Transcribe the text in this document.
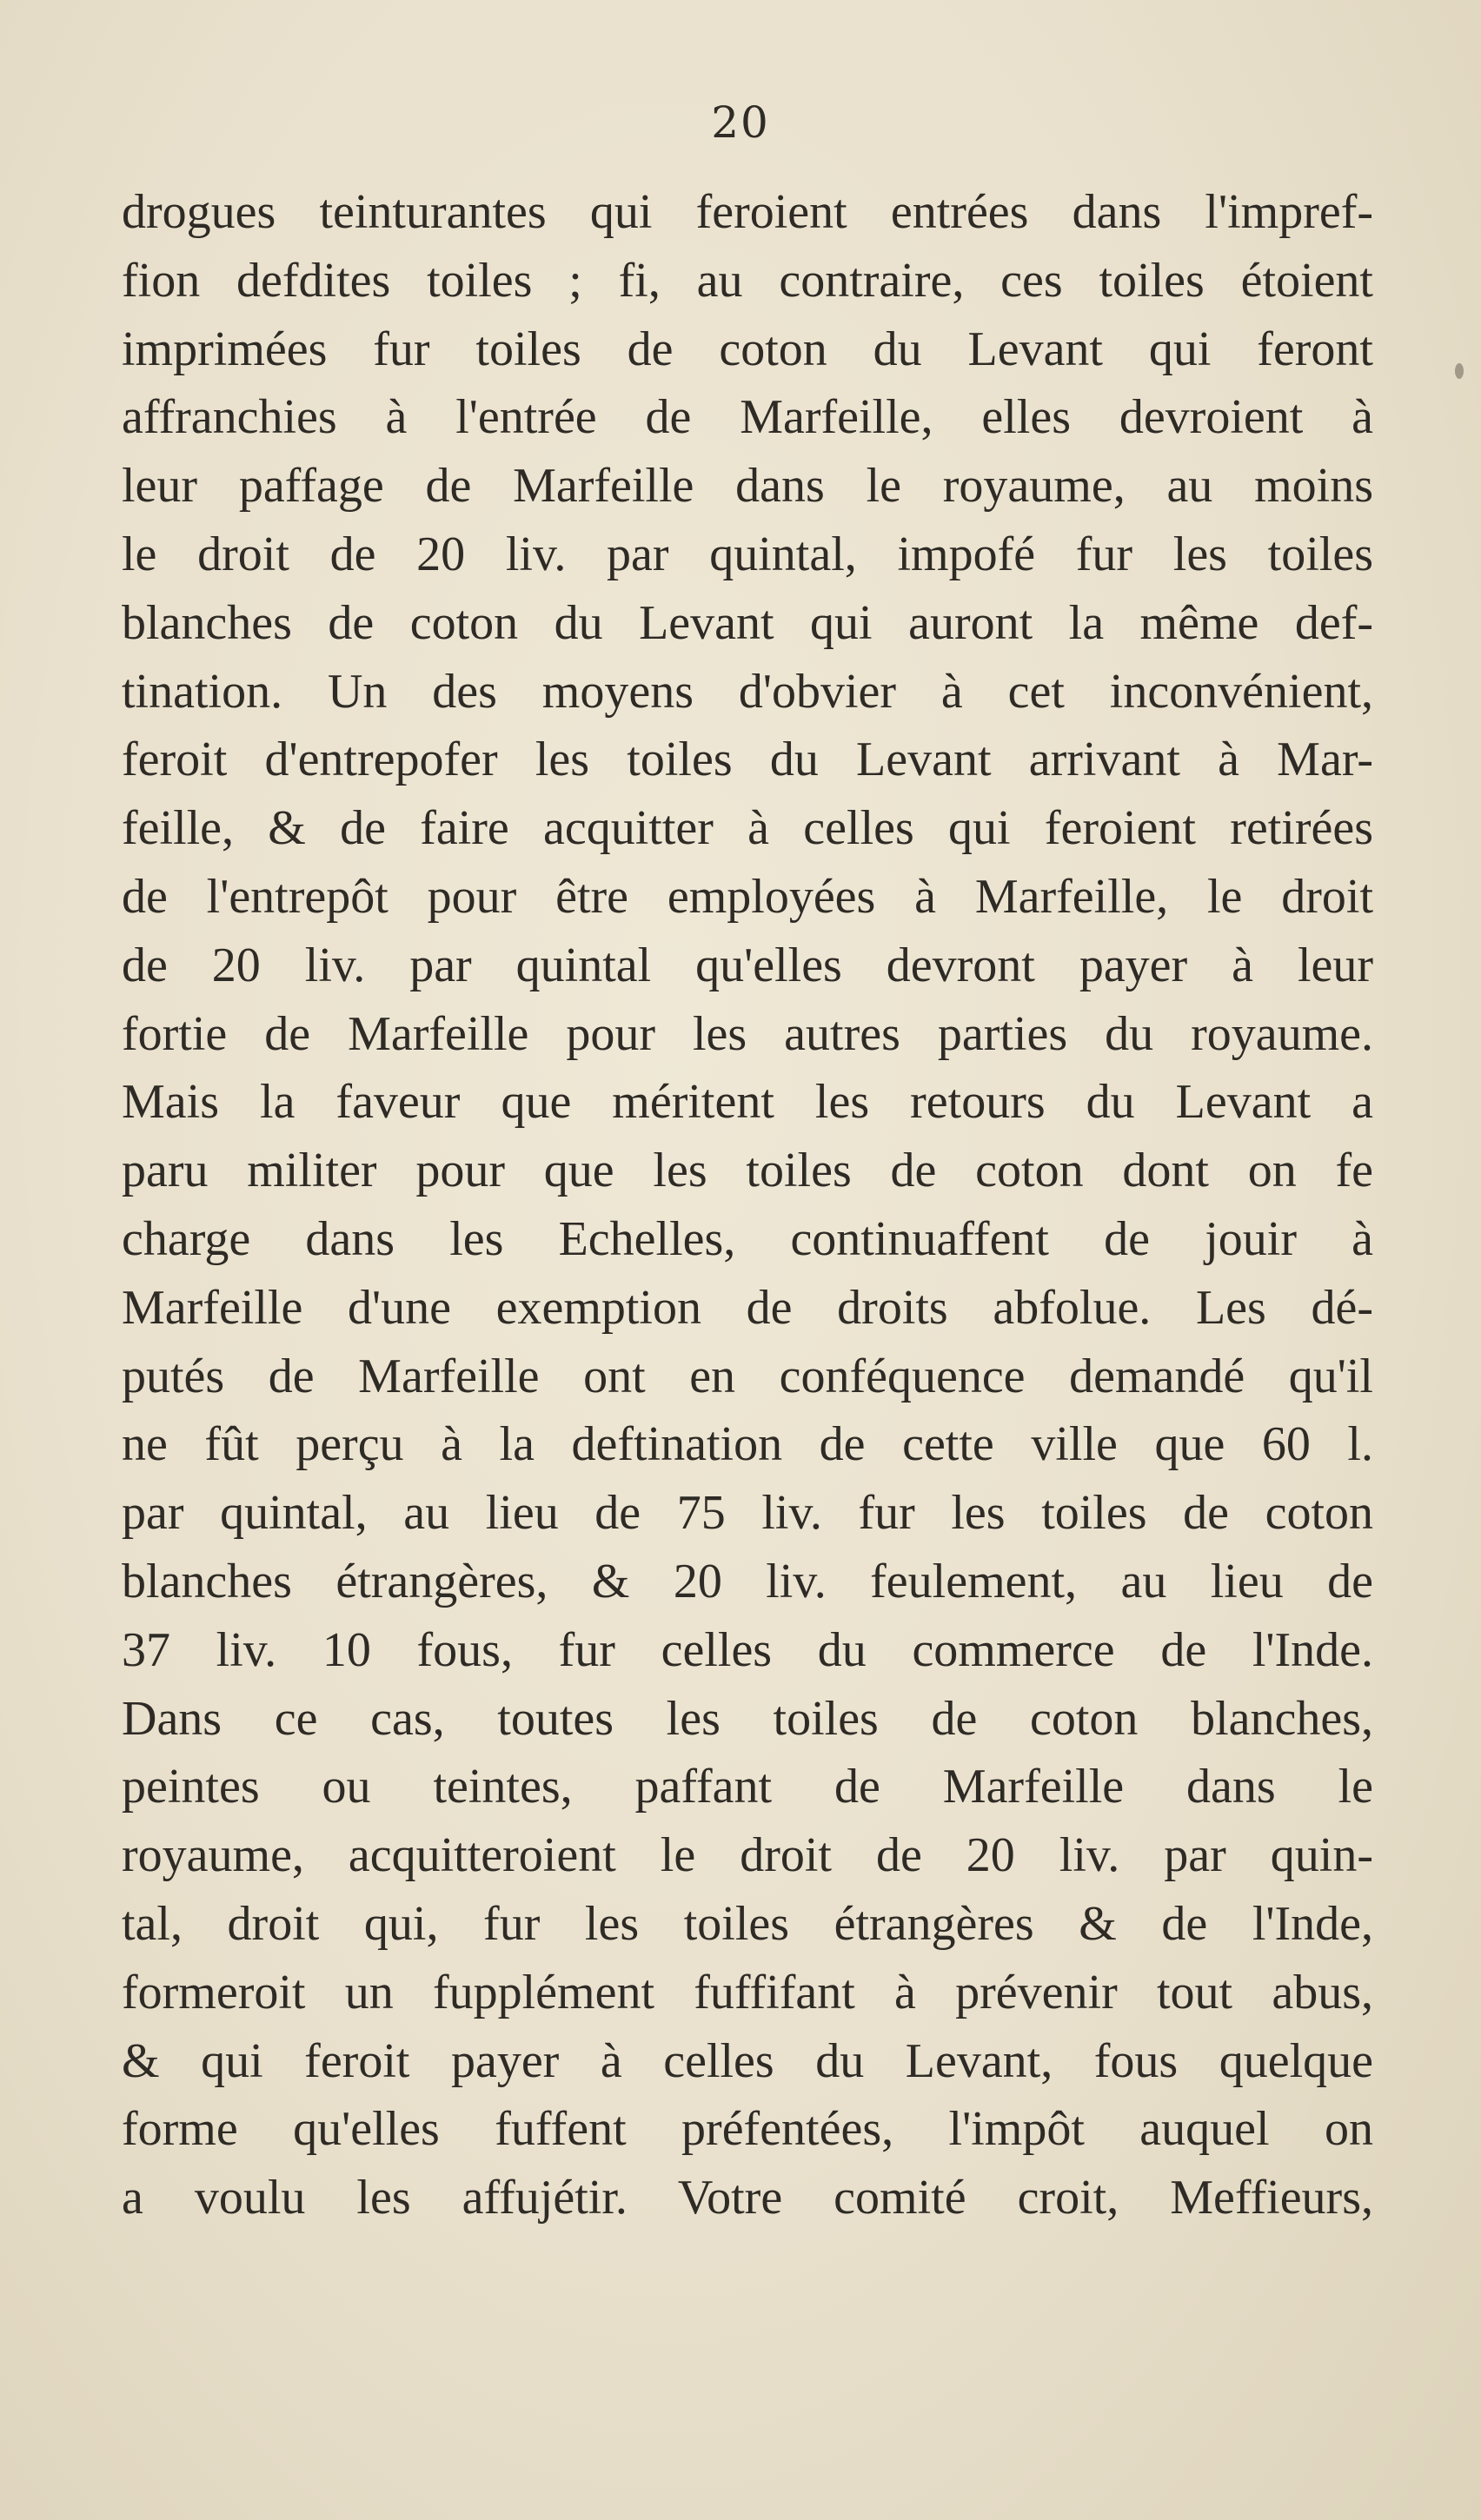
20
drogues teinturantes qui feroient entrées dans l'impref-
fion defdites toiles ; fi, au contraire, ces toiles étoient
imprimées fur toiles de coton du Levant qui feront
affranchies à l'entrée de Marfeille, elles devroient à
leur paffage de Marfeille dans le royaume, au moins
le droit de 20 liv. par quintal, impofé fur les toiles
blanches de coton du Levant qui auront la même def-
tination. Un des moyens d'obvier à cet inconvénient,
feroit d'entrepofer les toiles du Levant arrivant à Mar-
feille, & de faire acquitter à celles qui feroient retirées
de l'entrepôt pour être employées à Marfeille, le droit
de 20 liv. par quintal qu'elles devront payer à leur
fortie de Marfeille pour les autres parties du royaume.
Mais la faveur que méritent les retours du Levant a
paru militer pour que les toiles de coton dont on fe
charge dans les Echelles, continuaffent de jouir à
Marfeille d'une exemption de droits abfolue. Les dé-
putés de Marfeille ont en conféquence demandé qu'il
ne fût perçu à la deftination de cette ville que 60 l.
par quintal, au lieu de 75 liv. fur les toiles de coton
blanches étrangères, & 20 liv. feulement, au lieu de
37 liv. 10 fous, fur celles du commerce de l'Inde.
Dans ce cas, toutes les toiles de coton blanches,
peintes ou teintes, paffant de Marfeille dans le
royaume, acquitteroient le droit de 20 liv. par quin-
tal, droit qui, fur les toiles étrangères & de l'Inde,
formeroit un fupplément fuffifant à prévenir tout abus,
& qui feroit payer à celles du Levant, fous quelque
forme qu'elles fuffent préfentées, l'impôt auquel on
a voulu les affujétir. Votre comité croit, Meffieurs,
